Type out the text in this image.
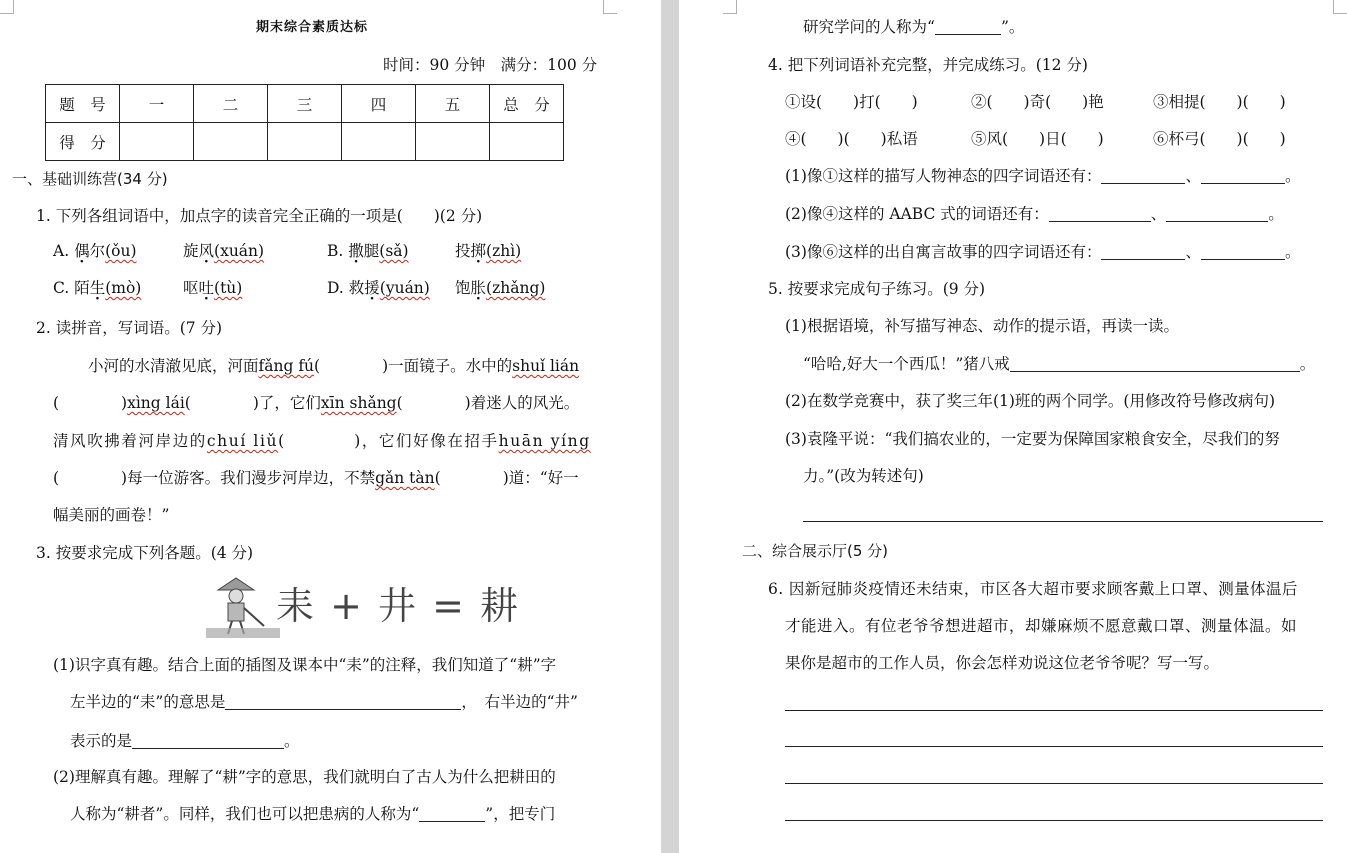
期末综合素质达标
时间：90 分钟　满分：100 分
题　号	一	二	三	四	五	总　分
得　分						
一、基础训练营(34 分)
1. 下列各组词语中，加点字的读音完全正确的一项是(　　)(2 分)
A. 偶尔(ǒu)	旋风(xuán)	B. 撒腿(sǎ)	投掷(zhì)
C. 陌生(mò)	呕吐(tù)	D. 救援(yuán) 饱胀(zhǎng)
2. 读拼音，写词语。(7 分)
小河的水清澈见底，河面fǎng fú(　　　　)一面镜子。水中的shuǐ lián
(　　　　)xìng lái(　　　　)了，它们xīn shǎng(　　　　)着迷人的风光。
清风吹拂着河岸边的chuí liǔ(　　　　)，它们好像在招手huān yíng
(　　　　)每一位游客。我们漫步河岸边，不禁gǎn tàn(　　　　)道：“好一
幅美丽的画卷！”
3. 按要求完成下列各题。(4 分)
耒 + 井 = 耕
(1)识字真有趣。结合上面的插图及课本中“耒”的注释，我们知道了“耕”字
左半边的“耒”的意思是	，　右半边的“井”
表示的是	。
(2)理解真有趣。理解了“耕”字的意思，我们就明白了古人为什么把耕田的
人称为“耕者”。同样，我们也可以把患病的人称为“	”，把专门
研究学问的人称为“	”。
4. 把下列词语补充完整，并完成练习。(12 分)
①设(　　)打(　　)	②(　　)奇(　　)艳	③相提(　　)(　　)
④(　　)(　　)私语	⑤风(　　)日(　　)	⑥杯弓(　　)(　　)
(1)像①这样的描写人物神态的四字词语还有：	、	。
(2)像④这样的 AABC 式的词语还有：	、	。
(3)像⑥这样的出自寓言故事的四字词语还有：	、	。
5. 按要求完成句子练习。(9 分)
(1)根据语境，补写描写神态、动作的提示语，再读一读。
“哈哈,好大一个西瓜！”猪八戒	。
(2)在数学竞赛中，获了奖三年(1)班的两个同学。(用修改符号修改病句)
(3)袁隆平说：“我们搞农业的，一定要为保障国家粮食安全，尽我们的努
力。”(改为转述句)
二、综合展示厅(5 分)
6. 因新冠肺炎疫情还未结束，市区各大超市要求顾客戴上口罩、测量体温后
才能进入。有位老爷爷想进超市，却嫌麻烦不愿意戴口罩、测量体温。如
果你是超市的工作人员，你会怎样劝说这位老爷爷呢？写一写。
